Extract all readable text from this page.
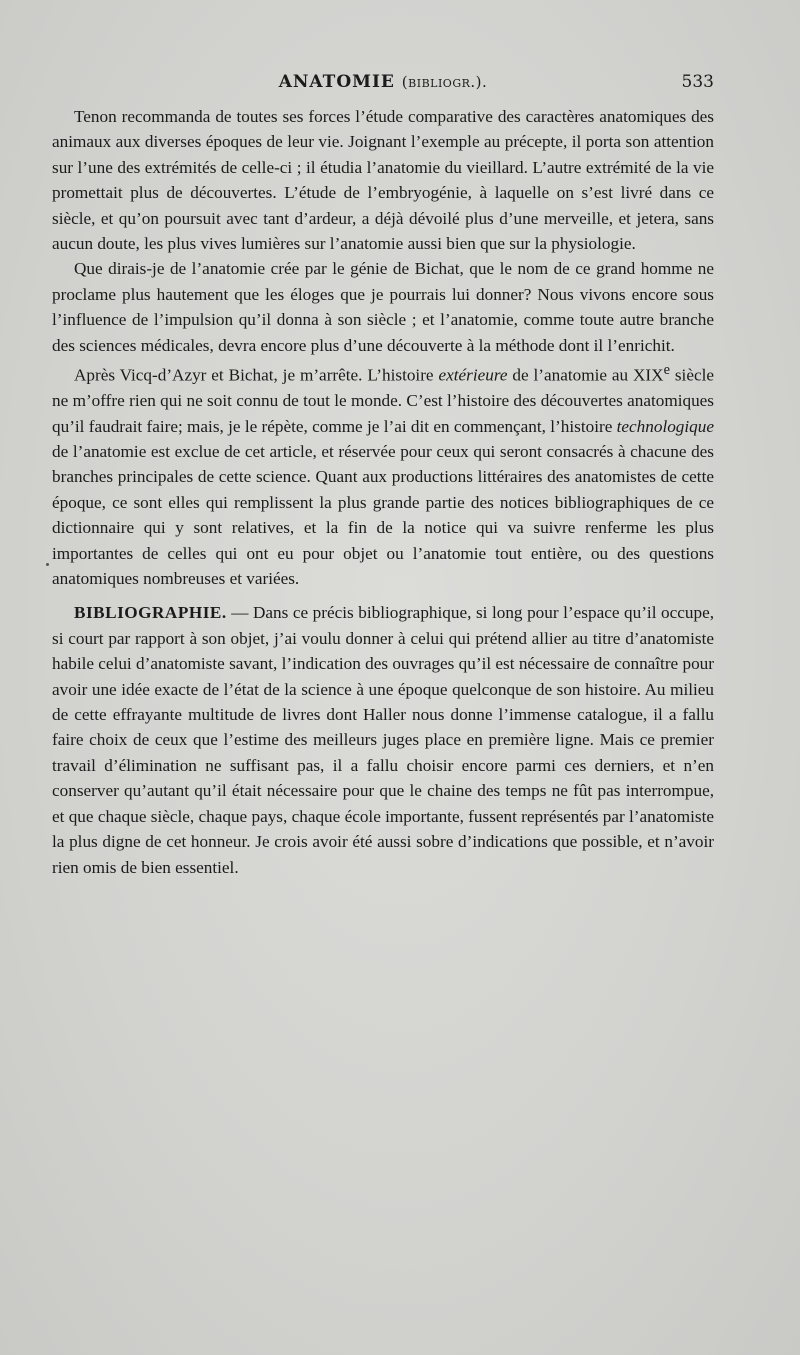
ANATOMIE (bibliogr.).	533

Tenon recommanda de toutes ses forces l’étude comparative des caractères anatomiques des animaux aux diverses époques de leur vie. Joignant l’exemple au précepte, il porta son attention sur l’une des extrémités de celle-ci ; il étudia l’anatomie du vieillard. L’autre extrémité de la vie promettait plus de découvertes. L’étude de l’embryogénie, à laquelle on s’est livré dans ce siècle, et qu’on poursuit avec tant d’ardeur, a déjà dévoilé plus d’une merveille, et jetera, sans aucun doute, les plus vives lumières sur l’anatomie aussi bien que sur la physiologie.

Que dirais-je de l’anatomie crée par le génie de Bichat, que le nom de ce grand homme ne proclame plus hautement que les éloges que je pourrais lui donner? Nous vivons encore sous l’influence de l’impulsion qu’il donna à son siècle ; et l’anatomie, comme toute autre branche des sciences médicales, devra encore plus d’une découverte à la méthode dont il l’enrichit.

Après Vicq-d’Azyr et Bichat, je m’arrête. L’histoire extérieure de l’anatomie au XIXe siècle ne m’offre rien qui ne soit connu de tout le monde. C’est l’histoire des découvertes anatomiques qu’il faudrait faire; mais, je le répète, comme je l’ai dit en commençant, l’histoire technologique de l’anatomie est exclue de cet article, et réservée pour ceux qui seront consacrés à chacune des branches principales de cette science. Quant aux productions littéraires des anatomistes de cette époque, ce sont elles qui remplissent la plus grande partie des notices bibliographiques de ce dictionnaire qui y sont relatives, et la fin de la notice qui va suivre renferme les plus importantes de celles qui ont eu pour objet ou l’anatomie tout entière, ou des questions anatomiques nombreuses et variées.

BIBLIOGRAPHIE. — Dans ce précis bibliographique, si long pour l’espace qu’il occupe, si court par rapport à son objet, j’ai voulu donner à celui qui prétend allier au titre d’anatomiste habile celui d’anatomiste savant, l’indication des ouvrages qu’il est nécessaire de connaître pour avoir une idée exacte de l’état de la science à une époque quelconque de son histoire. Au milieu de cette effrayante multitude de livres dont Haller nous donne l’immense catalogue, il a fallu faire choix de ceux que l’estime des meilleurs juges place en première ligne. Mais ce premier travail d’élimination ne suffisant pas, il a fallu choisir encore parmi ces derniers, et n’en conserver qu’autant qu’il était nécessaire pour que le chaine des temps ne fût pas interrompue, et que chaque siècle, chaque pays, chaque école importante, fussent représentés par l’anatomiste la plus digne de cet honneur. Je crois avoir été aussi sobre d’indications que possible, et n’avoir rien omis de bien essentiel.
